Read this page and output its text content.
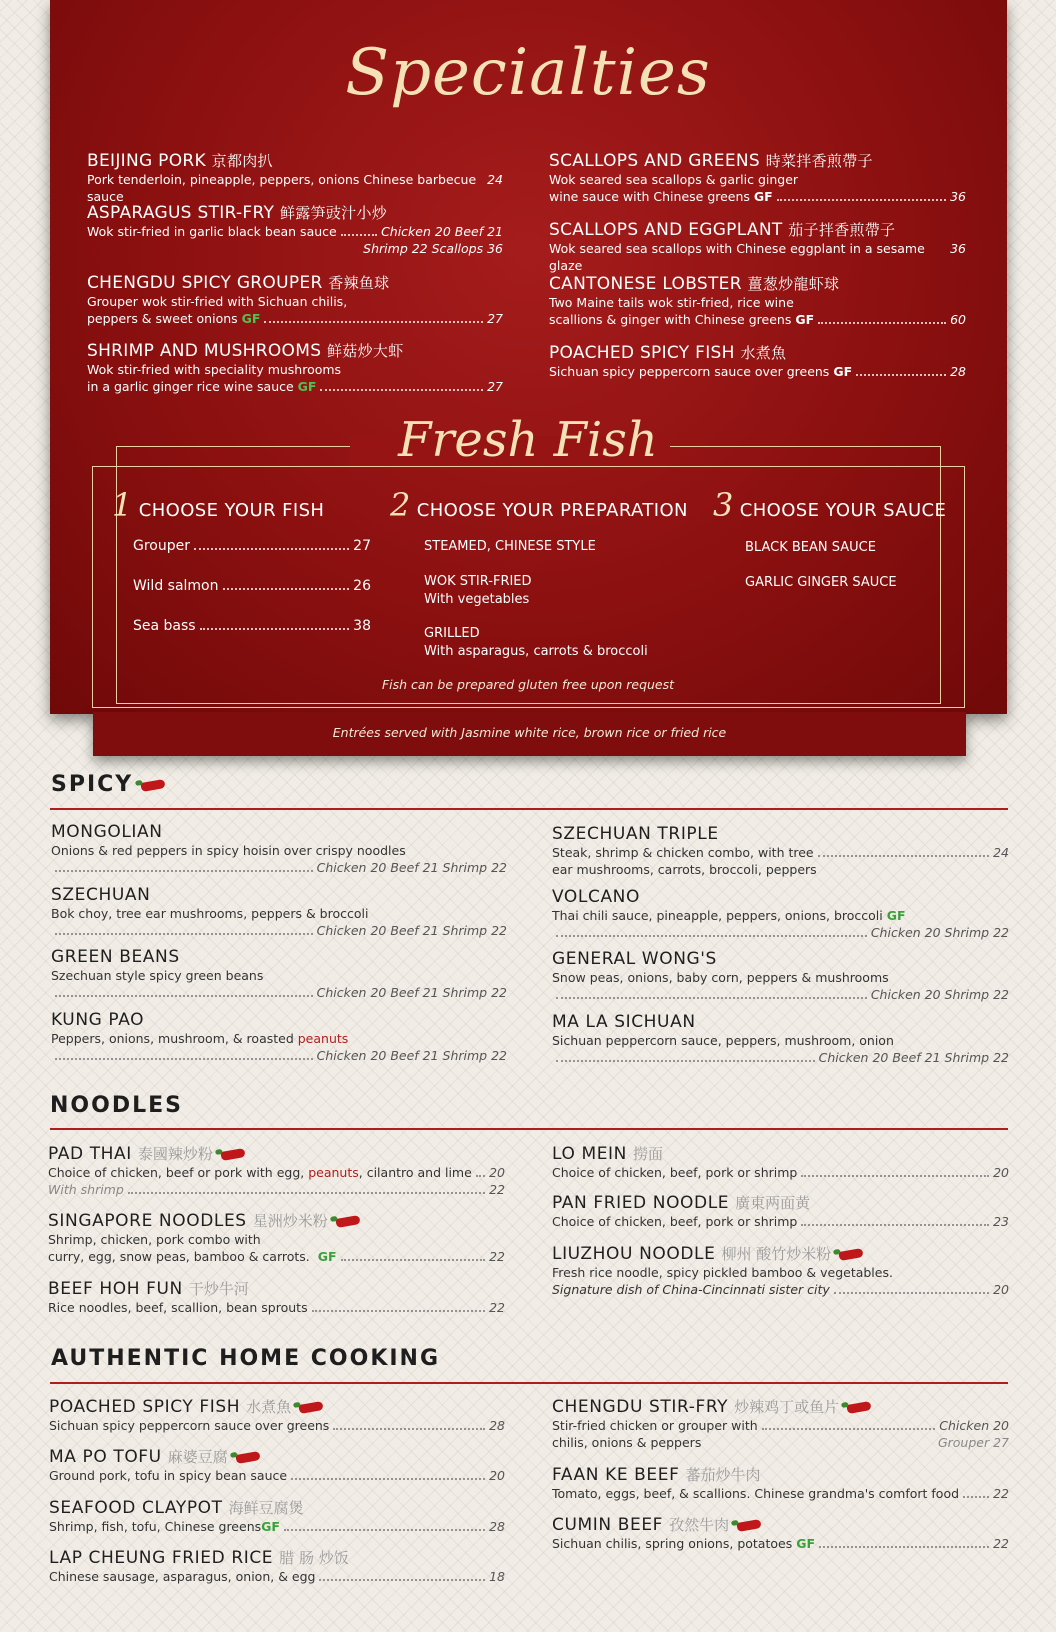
Entrées served with Jasmine white rice, brown rice or fried rice
Specialties
BEIJING PORK 京都肉扒
Pork tenderloin, pineapple, peppers, onions Chinese barbecue sauce
24
ASPARAGUS STIR-FRY 鲜露笋豉汁小炒
Wok stir-fried in garlic black bean sauce	Chicken 20 Beef 21
Shrimp 22 Scallops 36
CHENGDU SPICY GROUPER 香辣鱼球
Grouper wok stir-fried with Sichuan chilis,
peppers & sweet onions
GF	27
SHRIMP AND MUSHROOMS 鲜菇炒大虾
Wok stir-fried with speciality mushrooms
in a garlic ginger rice wine sauce
GF	27
SCALLOPS AND GREENS 時菜拌香煎帶子
Wok seared sea scallops & garlic ginger
wine sauce with Chinese greens
GF	36
SCALLOPS AND EGGPLANT 茄子拌香煎帶子
Wok seared sea scallops with Chinese eggplant in a sesame glaze
36
CANTONESE LOBSTER 薑葱炒龍虾球
Two Maine tails wok stir-fried, rice wine
scallions & ginger with Chinese greens
GF	60
POACHED SPICY FISH 水煮魚
Sichuan spicy peppercorn sauce over greens
GF	28
Fresh Fish
1 CHOOSE YOUR FISH
Grouper	27
Wild salmon	26
Sea bass	38
2 CHOOSE YOUR PREPARATION
STEAMED, CHINESE STYLE
WOK STIR-FRIED
With vegetables
GRILLED
With asparagus, carrots & broccoli
3 CHOOSE YOUR SAUCE
BLACK BEAN SAUCE
GARLIC GINGER SAUCE
Fish can be prepared gluten free upon request
SPICY
MONGOLIAN
Onions & red peppers in spicy hoisin over crispy noodles
Chicken 20 Beef 21 Shrimp 22
SZECHUAN
Bok choy, tree ear mushrooms, peppers & broccoli
Chicken 20 Beef 21 Shrimp 22
GREEN BEANS
Szechuan style spicy green beans
Chicken 20 Beef 21 Shrimp 22
KUNG PAO
Peppers, onions, mushroom, & roasted peanuts
Chicken 20 Beef 21 Shrimp 22
SZECHUAN TRIPLE
Steak, shrimp & chicken combo, with tree	24
ear mushrooms, carrots, broccoli, peppers
VOLCANO
Thai chili sauce, pineapple, peppers, onions, broccoli GF
Chicken 20 Shrimp 22
GENERAL WONG'S
Snow peas, onions, baby corn, peppers & mushrooms
Chicken 20 Shrimp 22
MA LA SICHUAN
Sichuan peppercorn sauce, peppers, mushroom, onion
Chicken 20 Beef 21 Shrimp 22
NOODLES
PAD THAI 泰國辣炒粉
Choice of chicken, beef or pork with egg, peanuts, cilantro and lime 20
With shrimp	22
SINGAPORE NOODLES 星洲炒米粉
Shrimp, chicken, pork combo with
curry, egg, snow peas, bamboo & carrots.
GF	22
BEEF HOH FUN 干炒牛河
Rice noodles, beef, scallion, bean sprouts	22
LO MEIN 撈面
Choice of chicken, beef, pork or shrimp	20
PAN FRIED NOODLE 廣東两面黄
Choice of chicken, beef, pork or shrimp	23
LIUZHOU NOODLE 柳州 酸竹炒米粉
Fresh rice noodle, spicy pickled bamboo & vegetables.
Signature dish of China-Cincinnati sister city	20
AUTHENTIC HOME COOKING
POACHED SPICY FISH 水煮魚
Sichuan spicy peppercorn sauce over greens	28
MA PO TOFU 麻婆豆腐
Ground pork, tofu in spicy bean sauce	20
SEAFOOD CLAYPOT 海鲜豆腐煲
Shrimp, fish, tofu, Chinese greens GF	28
LAP CHEUNG FRIED RICE 腊 肠 炒饭
Chinese sausage, asparagus, onion, & egg	18
CHENGDU STIR-FRY 炒辣鸡丁或鱼片
Stir-fried chicken or grouper with	Chicken 20
chilis, onions & peppers	Grouper 27
FAAN KE BEEF 蕃茄炒牛肉
Tomato, eggs, beef, & scallions. Chinese grandma's comfort food	22
CUMIN BEEF 孜然牛肉
Sichuan chilis, spring onions, potatoes
GF	22
